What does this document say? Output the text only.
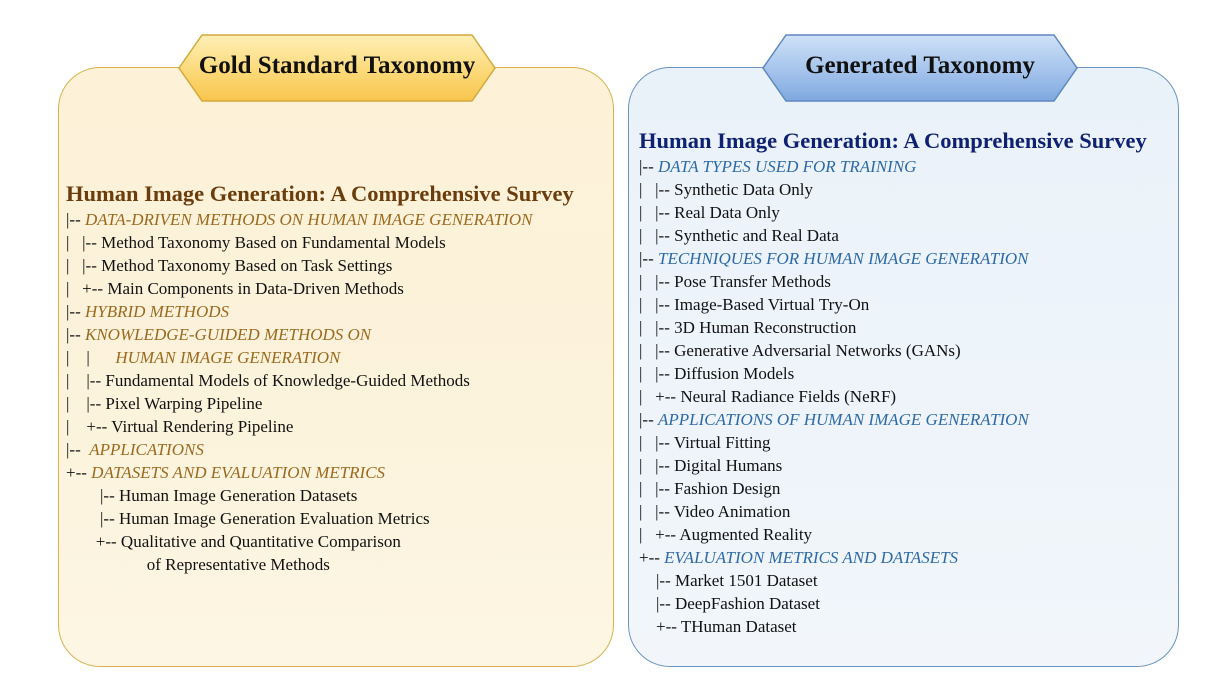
Gold Standard Taxonomy
Human Image Generation: A Comprehensive Survey
|-- DATA-DRIVEN METHODS ON HUMAN IMAGE GENERATION
|   |-- Method Taxonomy Based on Fundamental Models
|   |-- Method Taxonomy Based on Task Settings
|   +-- Main Components in Data-Driven Methods
|-- HYBRID METHODS
|-- KNOWLEDGE-GUIDED METHODS ON
|    |      HUMAN IMAGE GENERATION
|    |-- Fundamental Models of Knowledge-Guided Methods
|    |-- Pixel Warping Pipeline
|    +-- Virtual Rendering Pipeline
|--  APPLICATIONS
+-- DATASETS AND EVALUATION METRICS
|-- Human Image Generation Datasets
|-- Human Image Generation Evaluation Metrics
+-- Qualitative and Quantitative Comparison
of Representative Methods
Generated Taxonomy
Human Image Generation: A Comprehensive Survey
|-- DATA TYPES USED FOR TRAINING
|   |-- Synthetic Data Only
|   |-- Real Data Only
|   |-- Synthetic and Real Data
|-- TECHNIQUES FOR HUMAN IMAGE GENERATION
|   |-- Pose Transfer Methods
|   |-- Image-Based Virtual Try-On
|   |-- 3D Human Reconstruction
|   |-- Generative Adversarial Networks (GANs)
|   |-- Diffusion Models
|   +-- Neural Radiance Fields (NeRF)
|-- APPLICATIONS OF HUMAN IMAGE GENERATION
|   |-- Virtual Fitting
|   |-- Digital Humans
|   |-- Fashion Design
|   |-- Video Animation
|   +-- Augmented Reality
+-- EVALUATION METRICS AND DATASETS
|-- Market 1501 Dataset
|-- DeepFashion Dataset
+-- THuman Dataset
